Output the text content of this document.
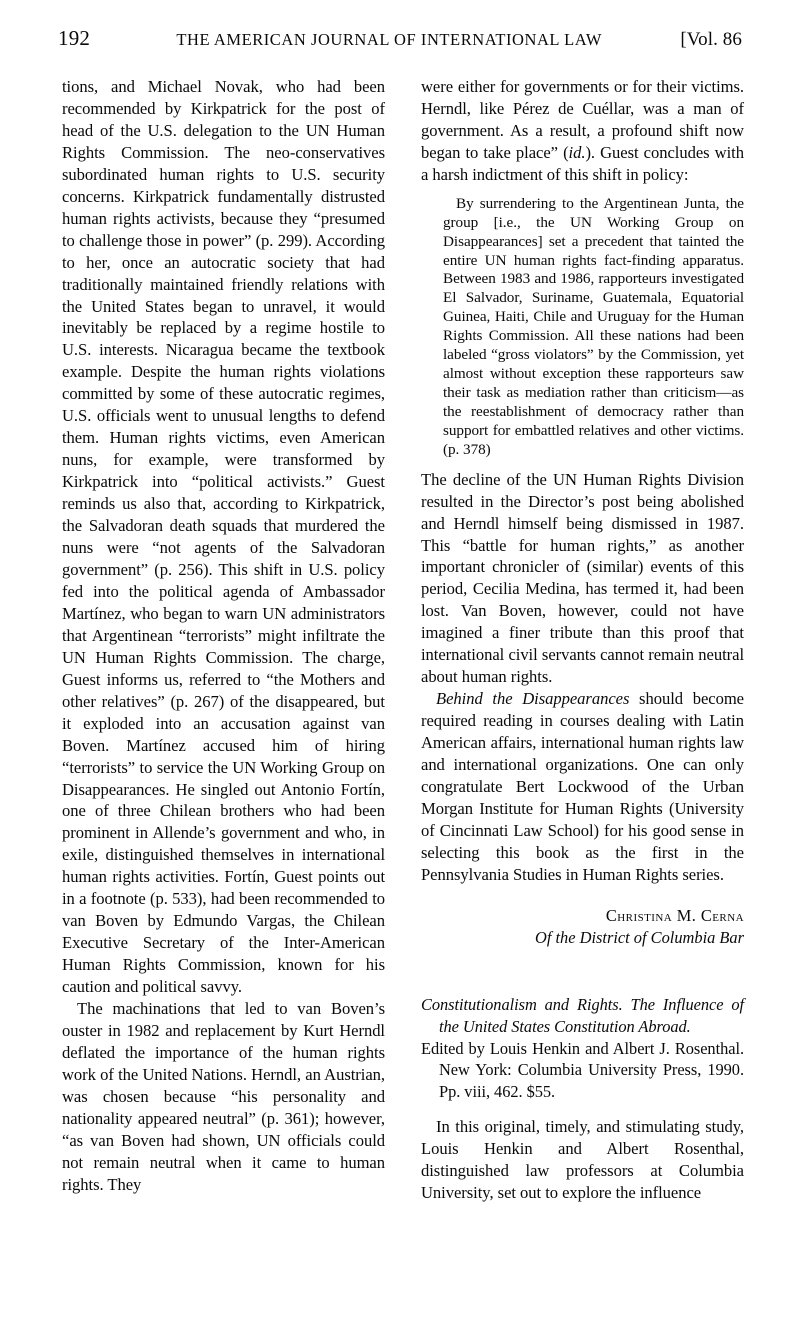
192	THE AMERICAN JOURNAL OF INTERNATIONAL LAW	[Vol. 86

tions, and Michael Novak, who had been recommended by Kirkpatrick for the post of head of the U.S. delegation to the UN Human Rights Commission. The neo-conservatives subordinated human rights to U.S. security concerns. Kirkpatrick fundamentally distrusted human rights activists, because they “presumed to challenge those in power” (p. 299). According to her, once an autocratic society that had traditionally maintained friendly relations with the United States began to unravel, it would inevitably be replaced by a regime hostile to U.S. interests. Nicaragua became the textbook example. Despite the human rights violations committed by some of these autocratic regimes, U.S. officials went to unusual lengths to defend them. Human rights victims, even American nuns, for example, were transformed by Kirkpatrick into “political activists.” Guest reminds us also that, according to Kirkpatrick, the Salvadoran death squads that murdered the nuns were “not agents of the Salvadoran government” (p. 256). This shift in U.S. policy fed into the political agenda of Ambassador Martínez, who began to warn UN administrators that Argentinean “terrorists” might infiltrate the UN Human Rights Commission. The charge, Guest informs us, referred to “the Mothers and other relatives” (p. 267) of the disappeared, but it exploded into an accusation against van Boven. Martínez accused him of hiring “terrorists” to service the UN Working Group on Disappearances. He singled out Antonio Fortín, one of three Chilean brothers who had been prominent in Allende’s government and who, in exile, distinguished themselves in international human rights activities. Fortín, Guest points out in a footnote (p. 533), had been recommended to van Boven by Edmundo Vargas, the Chilean Executive Secretary of the Inter-American Human Rights Commission, known for his caution and political savvy.

The machinations that led to van Boven’s ouster in 1982 and replacement by Kurt Herndl deflated the importance of the human rights work of the United Nations. Herndl, an Austrian, was chosen because “his personality and nationality appeared neutral” (p. 361); however, “as van Boven had shown, UN officials could not remain neutral when it came to human rights. They

were either for governments or for their victims. Herndl, like Pérez de Cuéllar, was a man of government. As a result, a profound shift now began to take place” (id.). Guest concludes with a harsh indictment of this shift in policy:

By surrendering to the Argentinean Junta, the group [i.e., the UN Working Group on Disappearances] set a precedent that tainted the entire UN human rights fact-finding apparatus. Between 1983 and 1986, rapporteurs investigated El Salvador, Suriname, Guatemala, Equatorial Guinea, Haiti, Chile and Uruguay for the Human Rights Commission. All these nations had been labeled “gross violators” by the Commission, yet almost without exception these rapporteurs saw their task as mediation rather than criticism—as the reestablishment of democracy rather than support for embattled relatives and other victims. (p. 378)

The decline of the UN Human Rights Division resulted in the Director’s post being abolished and Herndl himself being dismissed in 1987. This “battle for human rights,” as another important chronicler of (similar) events of this period, Cecilia Medina, has termed it, had been lost. Van Boven, however, could not have imagined a finer tribute than this proof that international civil servants cannot remain neutral about human rights.

Behind the Disappearances should become required reading in courses dealing with Latin American affairs, international human rights law and international organizations. One can only congratulate Bert Lockwood of the Urban Morgan Institute for Human Rights (University of Cincinnati Law School) for his good sense in selecting this book as the first in the Pennsylvania Studies in Human Rights series.

Christina M. Cerna
Of the District of Columbia Bar

Constitutionalism and Rights. The Influence of the United States Constitution Abroad.

Edited by Louis Henkin and Albert J. Rosenthal. New York: Columbia University Press, 1990. Pp. viii, 462. $55.

In this original, timely, and stimulating study, Louis Henkin and Albert Rosenthal, distinguished law professors at Columbia University, set out to explore the influence
